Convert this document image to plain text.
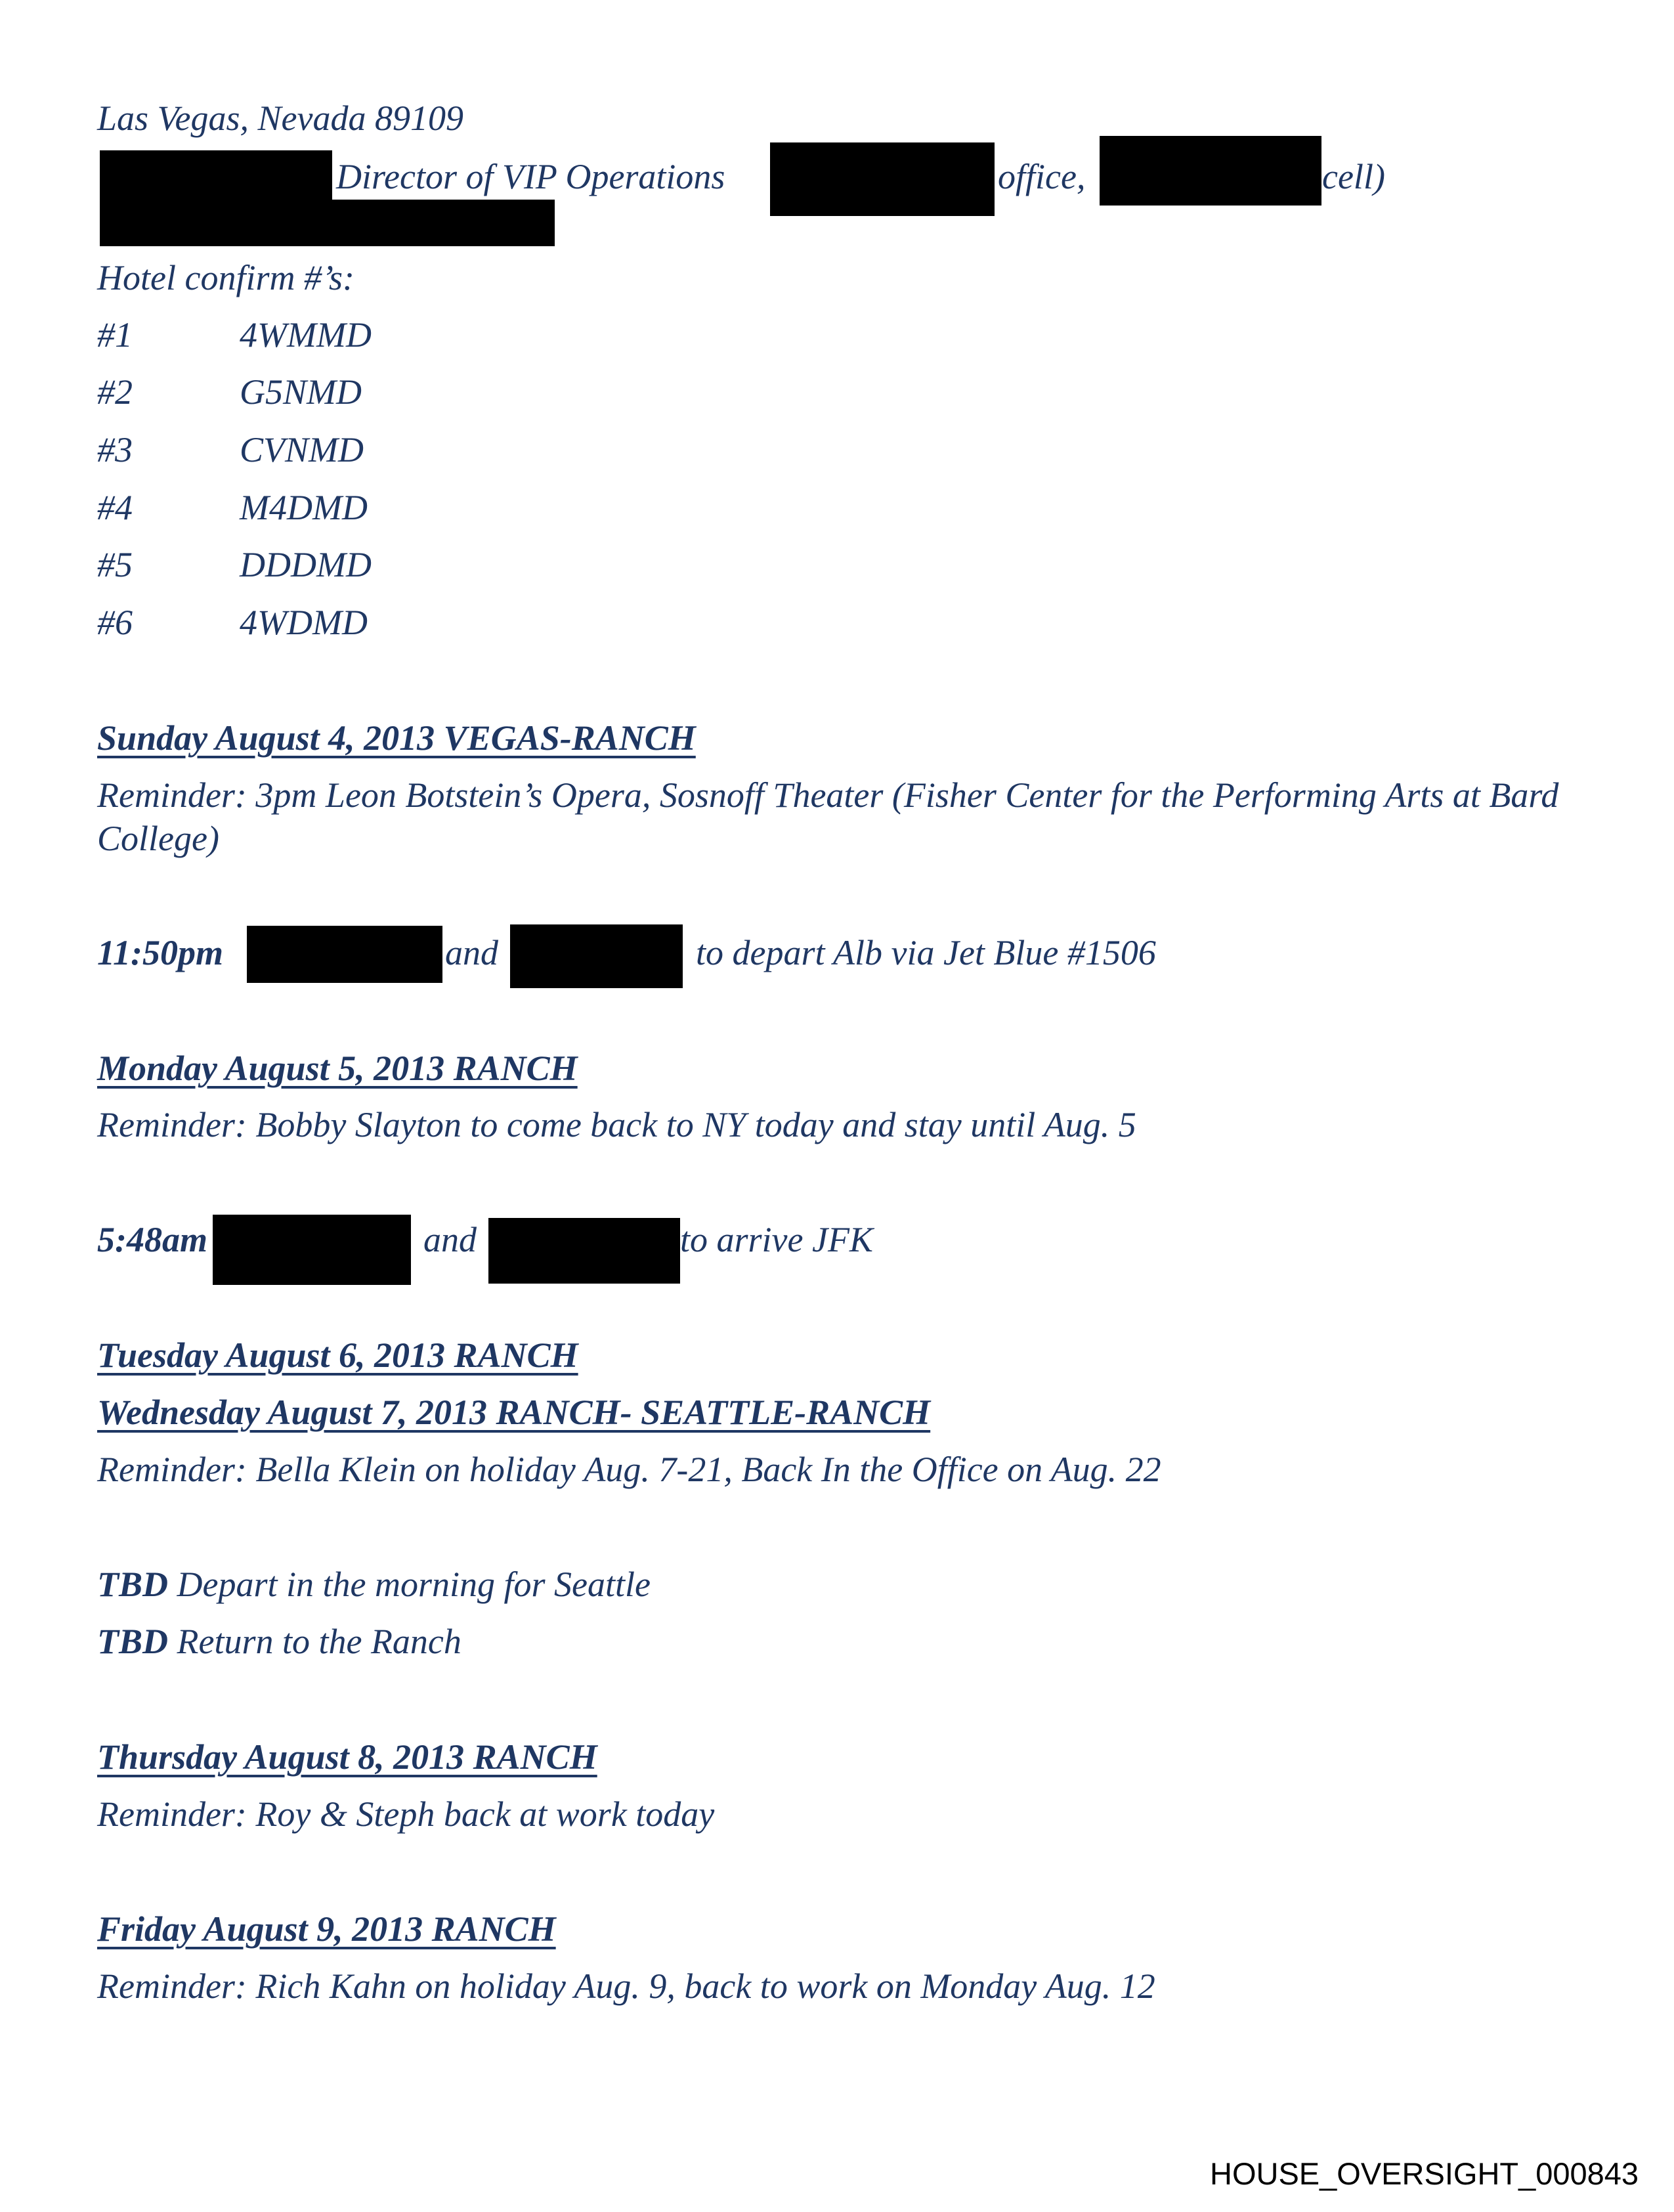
Las Vegas, Nevada 89109

Director of VIP Operations	office,	cell)

Hotel confirm #’s:

#1	4WMMD
#2	G5NMD
#3	CVNMD
#4	M4DMD
#5	DDDMD
#6	4WDMD

Sunday August 4, 2013 VEGAS-RANCH

Reminder: 3pm Leon Botstein’s Opera, Sosnoff Theater (Fisher Center for the Performing Arts at Bard College)

11:50pm	and	to depart Alb via Jet Blue #1506

Monday August 5, 2013 RANCH

Reminder: Bobby Slayton to come back to NY today and stay until Aug. 5

5:48am	and	to arrive JFK

Tuesday August 6, 2013 RANCH

Wednesday August 7, 2013 RANCH- SEATTLE-RANCH

Reminder: Bella Klein on holiday Aug. 7-21, Back In the Office on Aug. 22

TBD Depart in the morning for Seattle

TBD Return to the Ranch

Thursday August 8, 2013 RANCH

Reminder: Roy & Steph back at work today

Friday August 9, 2013 RANCH

Reminder: Rich Kahn on holiday Aug. 9, back to work on Monday Aug. 12

HOUSE_OVERSIGHT_000843
